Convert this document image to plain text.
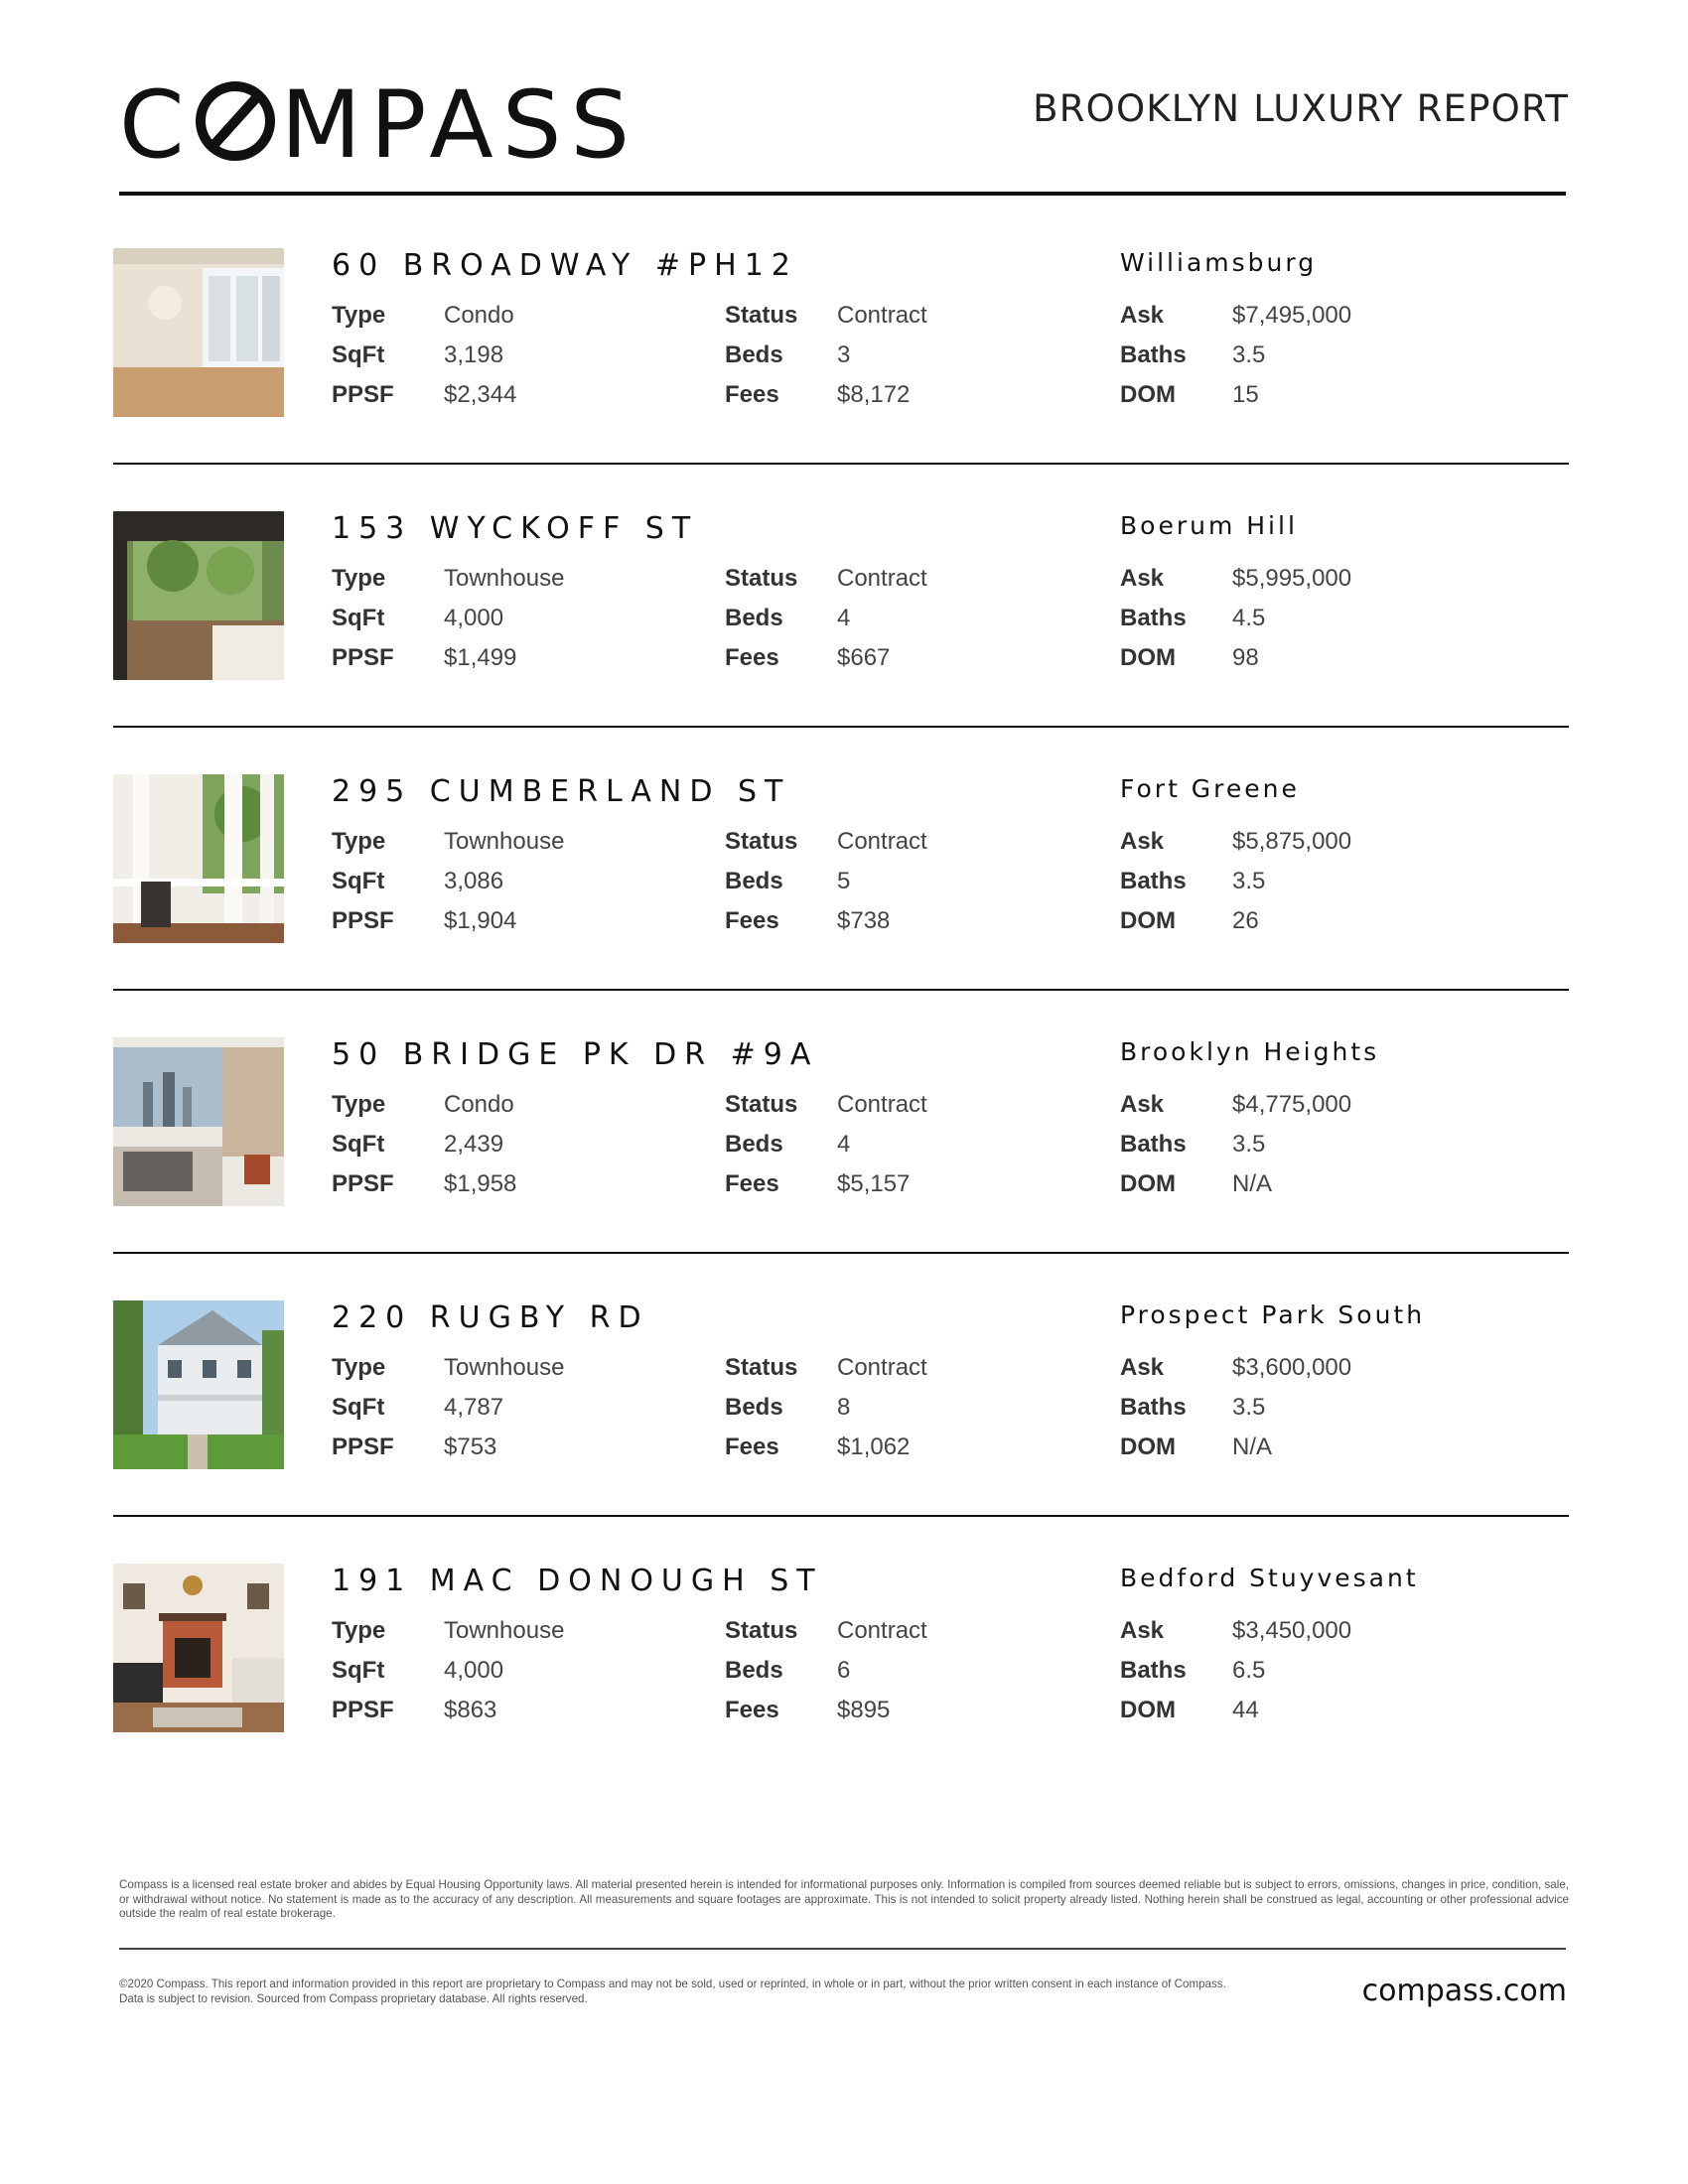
C MPASS	BROOKLYN LUXURY REPORT
60 BROADWAY #PH12	Williamsburg
Type Condo	Status Contract	Ask	$7,495,000
SqFt 3,198	Beds 3	Baths 3.5
PPSF $2,344	Fees $8,172	DOM 15
153 WYCKOFF ST	Boerum Hill
Type Townhouse	Status Contract	Ask	$5,995,000
SqFt 4,000	Beds 4	Baths 4.5
PPSF $1,499	Fees $667	DOM 98
295 CUMBERLAND ST	Fort Greene
Type Townhouse	Status Contract	Ask	$5,875,000
SqFt 3,086	Beds 5	Baths 3.5
PPSF $1,904	Fees $738	DOM 26
50 BRIDGE PK DR #9A	Brooklyn Heights
Type Condo	Status Contract	Ask	$4,775,000
SqFt 2,439	Beds 4	Baths 3.5
PPSF $1,958	Fees $5,157	DOM N/A
220 RUGBY RD	Prospect Park South
Type Townhouse	Status Contract	Ask	$3,600,000
SqFt 4,787	Beds 8	Baths 3.5
PPSF $753	Fees $1,062	DOM N/A
191 MAC DONOUGH ST	Bedford Stuyvesant
Type Townhouse	Status Contract	Ask	$3,450,000
SqFt 4,000	Beds 6	Baths 6.5
PPSF $863	Fees $895	DOM 44
Compass is a licensed real estate broker and abides by Equal Housing Opportunity laws. All material presented herein is intended for informational purposes only. Information is compiled from sources deemed reliable but is subject to errors, omissions, changes in price, condition, sale, or withdrawal without notice. No statement is made as to the accuracy of any description. All measurements and square footages are approximate. This is not intended to solicit property already listed. Nothing herein shall be construed as legal, accounting or other professional advice outside the realm of real estate brokerage.
©2020 Compass. This report and information provided in this report are proprietary to Compass and may not be sold, used or reprinted, in whole or in part, without the prior written consent in each instance of Compass. Data is subject to revision. Sourced from Compass proprietary database. All rights reserved.	compass.com
